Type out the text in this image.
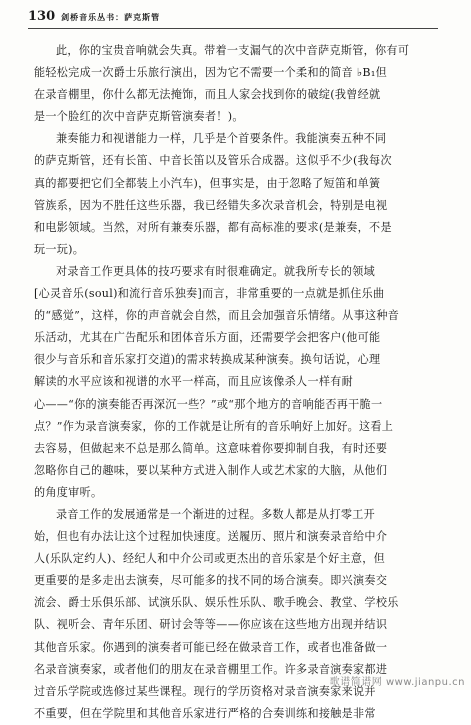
130 剑桥音乐丛书：萨克斯管
此，你的宝贵音响就会失真。带着一支漏气的次中音萨克斯管，你有可
能轻松完成一次爵士乐旅行演出，因为它不需要一个柔和的简音 ♭B₁但
在录音棚里，你什么都无法掩饰，而且人家会找到你的破绽(我曾经就
是一个脸红的次中音萨克斯管演奏者！)。
兼奏能力和视谱能力一样，几乎是个首要条件。我能演奏五种不同
的萨克斯管，还有长笛、中音长笛以及管乐合成器。这似乎不少(我每次
真的都要把它们全都装上小汽车)，但事实是，由于忽略了短笛和单簧
管族系，因为不胜任这些乐器，我已经错失多次录音机会，特别是电视
和电影领域。当然，对所有兼奏乐器，都有高标准的要求(是兼奏，不是
玩一玩)。
对录音工作更具体的技巧要求有时很难确定。就我所专长的领域
[心灵音乐(soul)和流行音乐独奏]而言，非常重要的一点就是抓住乐曲
的“感觉”，这样，你的声音就会自然，而且会加强音乐情绪。从事这种音
乐活动，尤其在广告配乐和团体音乐方面，还需要学会把客户(他可能
很少与音乐和音乐家打交道)的需求转换成某种演奏。换句话说，心理
解读的水平应该和视谱的水平一样高，而且应该像杀人一样有耐
心——“你的演奏能否再深沉一些？”或“那个地方的音响能否再干脆一
点？”作为录音演奏家，你的工作就是让所有的音乐响好上加好。这看上
去容易，但做起来不总是那么简单。这意味着你要抑制自我，有时还要
忽略你自己的趣味，要以某种方式进入制作人或艺术家的大脑，从他们
的角度审听。
录音工作的发展通常是一个渐进的过程。多数人都是从打零工开
始，但也有办法让这个过程加快速度。送履历、照片和演奏录音给中介
人(乐队定约人)、经纪人和中介公司或更杰出的音乐家是个好主意，但
更重要的是多走出去演奏，尽可能多的找不同的场合演奏。即兴演奏交
流会、爵士乐俱乐部、试演乐队、娱乐性乐队、歌手晚会、教堂、学校乐
队、视听会、青年乐团、研讨会等等——你应该在这些地方出现并结识
其他音乐家。你遇到的演奏者可能已经在做录音工作，或者也准备做一
名录音演奏家，或者他们的朋友在录音棚里工作。许多录音演奏家都进
过音乐学院或选修过某些课程。现行的学历资格对录音演奏家来说并
不重要，但在学院里和其他音乐家进行严格的合奏训练和接触是非常
歌谱简谱网 www.jianpu.cn
